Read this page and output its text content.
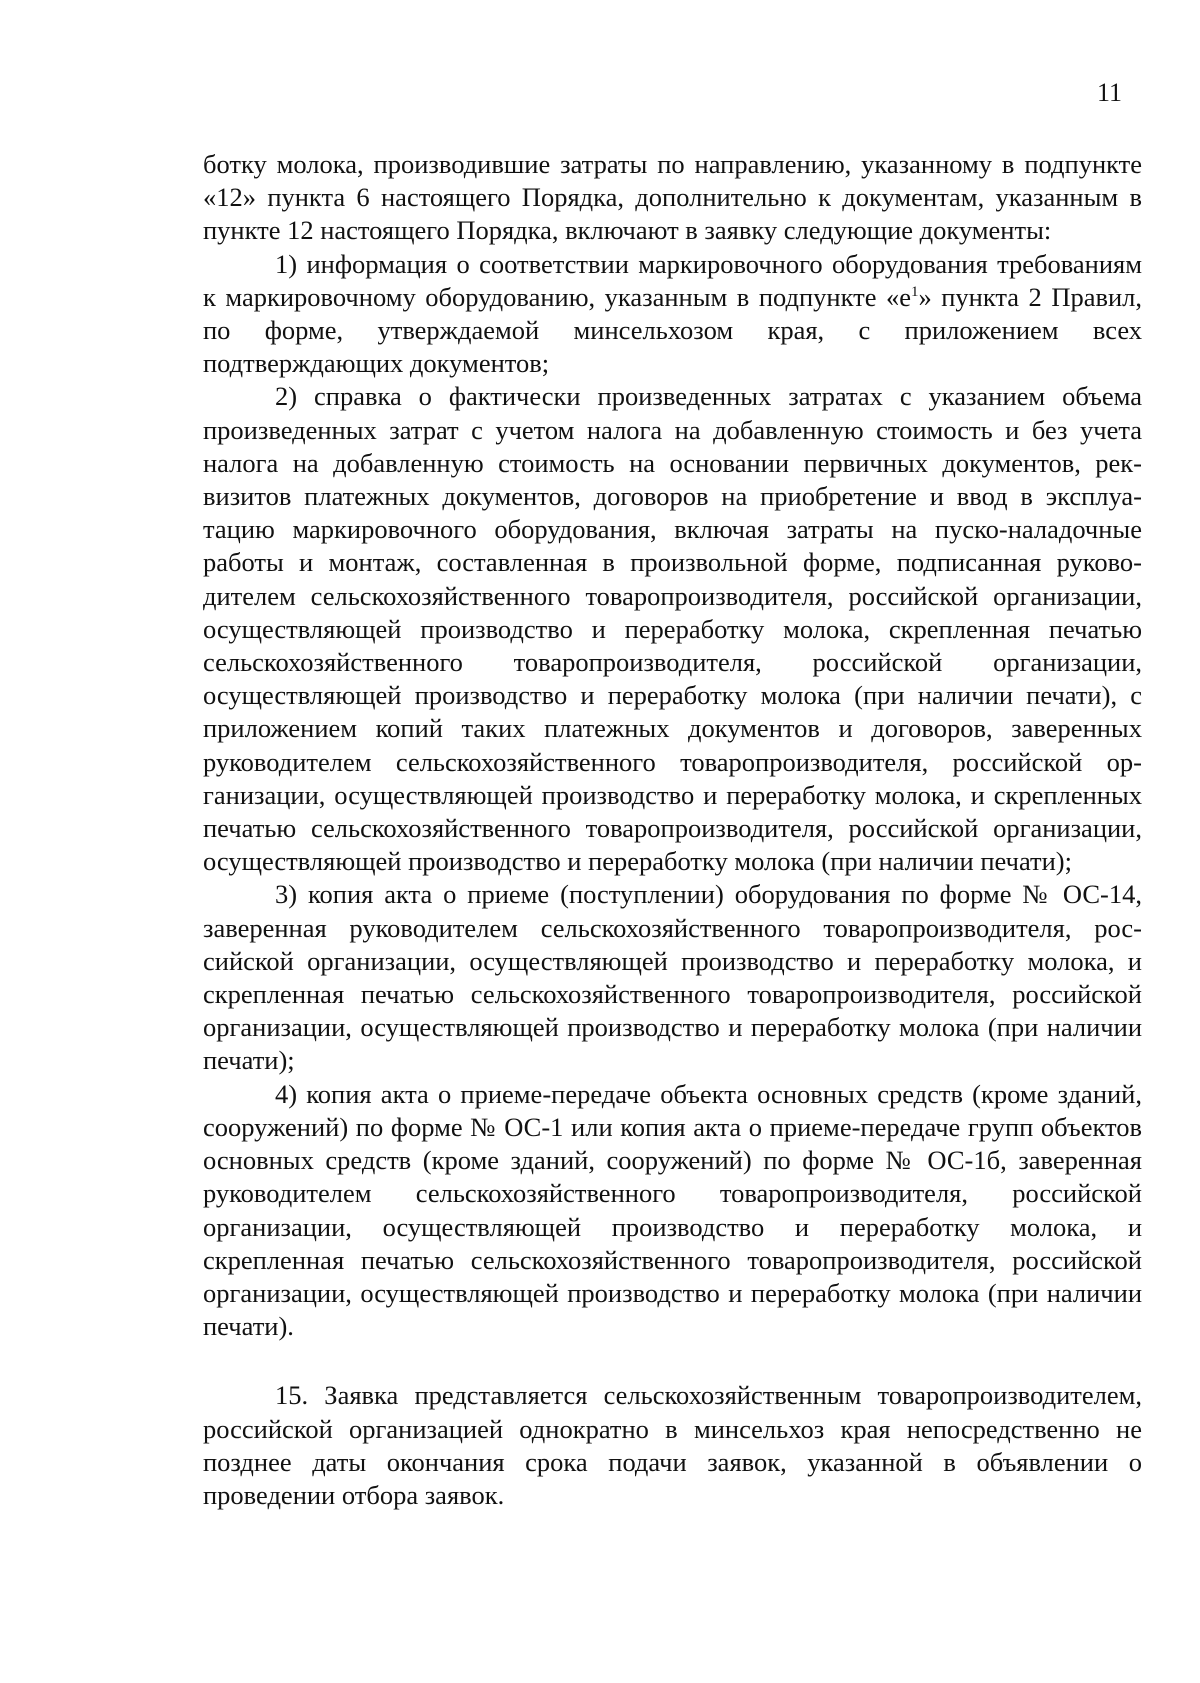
11

ботку молока, производившие затраты по направлению, указанному в подпункте «12» пункта 6 настоящего Порядка, дополнительно к документам, указанным в пункте 12 настоящего Порядка, включают в заявку следующие документы:

1) информация о соответствии маркировочного оборудования требованиям к маркировочному оборудованию, указанным в подпункте «$е^1$» пункта 2 Правил, по форме, утверждаемой минсельхозом края, с приложением всех подтверждающих документов;

2) справка о фактически произведенных затратах с указанием объема произведенных затрат с учетом налога на добавленную стоимость и без учета налога на добавленную стоимость на основании первичных документов, реквизитов платежных документов, договоров на приобретение и ввод в эксплуатацию маркировочного оборудования, включая затраты на пуско-наладочные работы и монтаж, составленная в произвольной форме, подписанная руководителем сельскохозяйственного товаропроизводителя, российской организации, осуществляющей производство и переработку молока, скрепленная печатью сельскохозяйственного товаропроизводителя, российской организации, осуществляющей производство и переработку молока (при наличии печати), с приложением копий таких платежных документов и договоров, заверенных руководителем сельскохозяйственного товаропроизводителя, российской организации, осуществляющей производство и переработку молока, и скрепленных печатью сельскохозяйственного товаропроизводителя, российской организации, осуществляющей производство и переработку молока (при наличии печати);

3) копия акта о приеме (поступлении) оборудования по форме № ОС-14, заверенная руководителем сельскохозяйственного товаропроизводителя, российской организации, осуществляющей производство и переработку молока, и скрепленная печатью сельскохозяйственного товаропроизводителя, российской организации, осуществляющей производство и переработку молока (при наличии печати);

4) копия акта о приеме-передаче объекта основных средств (кроме зданий, сооружений) по форме № ОС-1 или копия акта о приеме-передаче групп объектов основных средств (кроме зданий, сооружений) по форме № ОС-1б, заверенная руководителем сельскохозяйственного товаропроизводителя, российской организации, осуществляющей производство и переработку молока, и скрепленная печатью сельскохозяйственного товаропроизводителя, российской организации, осуществляющей производство и переработку молока (при наличии печати).

15. Заявка представляется сельскохозяйственным товаропроизводителем, российской организацией однократно в минсельхоз края непосредственно не позднее даты окончания срока подачи заявок, указанной в объявлении о проведении отбора заявок.
